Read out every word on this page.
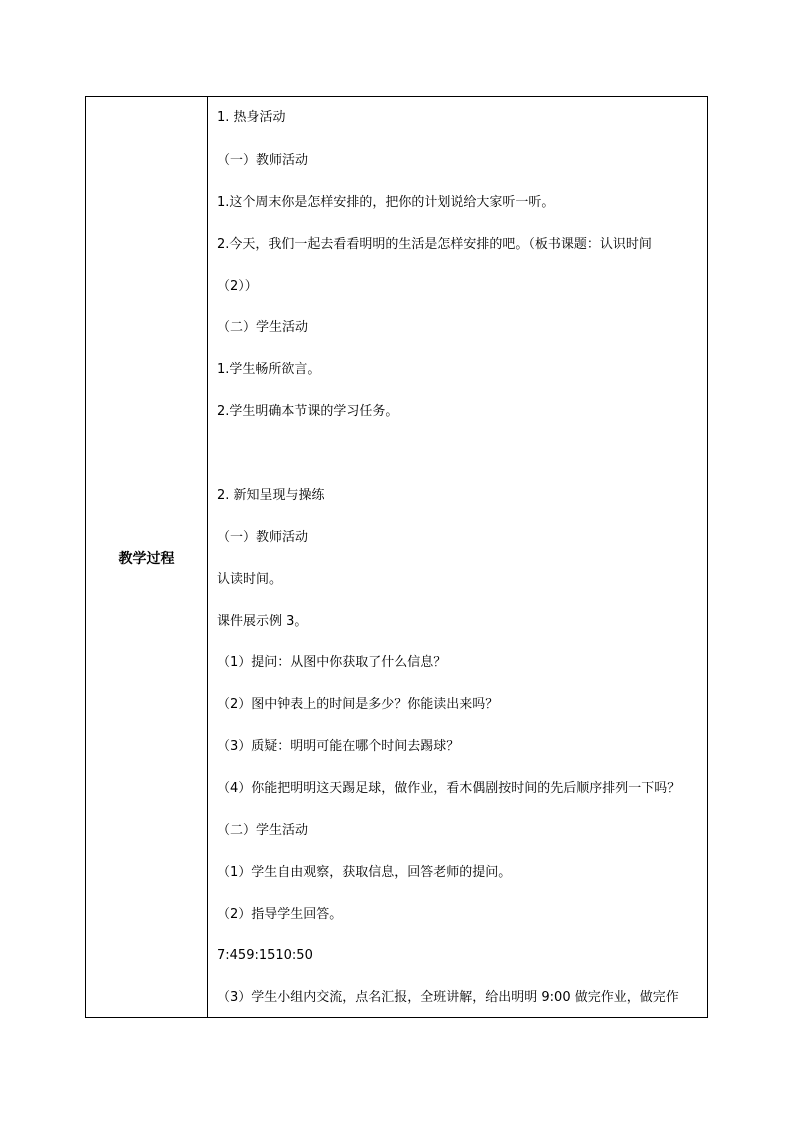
教学过程
1. 热身活动
（一）教师活动
1.这个周末你是怎样安排的，把你的计划说给大家听一听。
2.今天，我们一起去看看明明的生活是怎样安排的吧。（板书课题：认识时间
（2））
（二）学生活动
1.学生畅所欲言。
2.学生明确本节课的学习任务。
2. 新知呈现与操练
（一）教师活动
认读时间。
课件展示例 3。
（1）提问：从图中你获取了什么信息？
（2）图中钟表上的时间是多少？你能读出来吗？
（3）质疑：明明可能在哪个时间去踢球？
（4）你能把明明这天踢足球，做作业，看木偶剧按时间的先后顺序排列一下吗？
（二）学生活动
（1）学生自由观察，获取信息，回答老师的提问。
（2）指导学生回答。
7:459:1510:50
（3）学生小组内交流，点名汇报，全班讲解，给出明明 9:00 做完作业，做完作
